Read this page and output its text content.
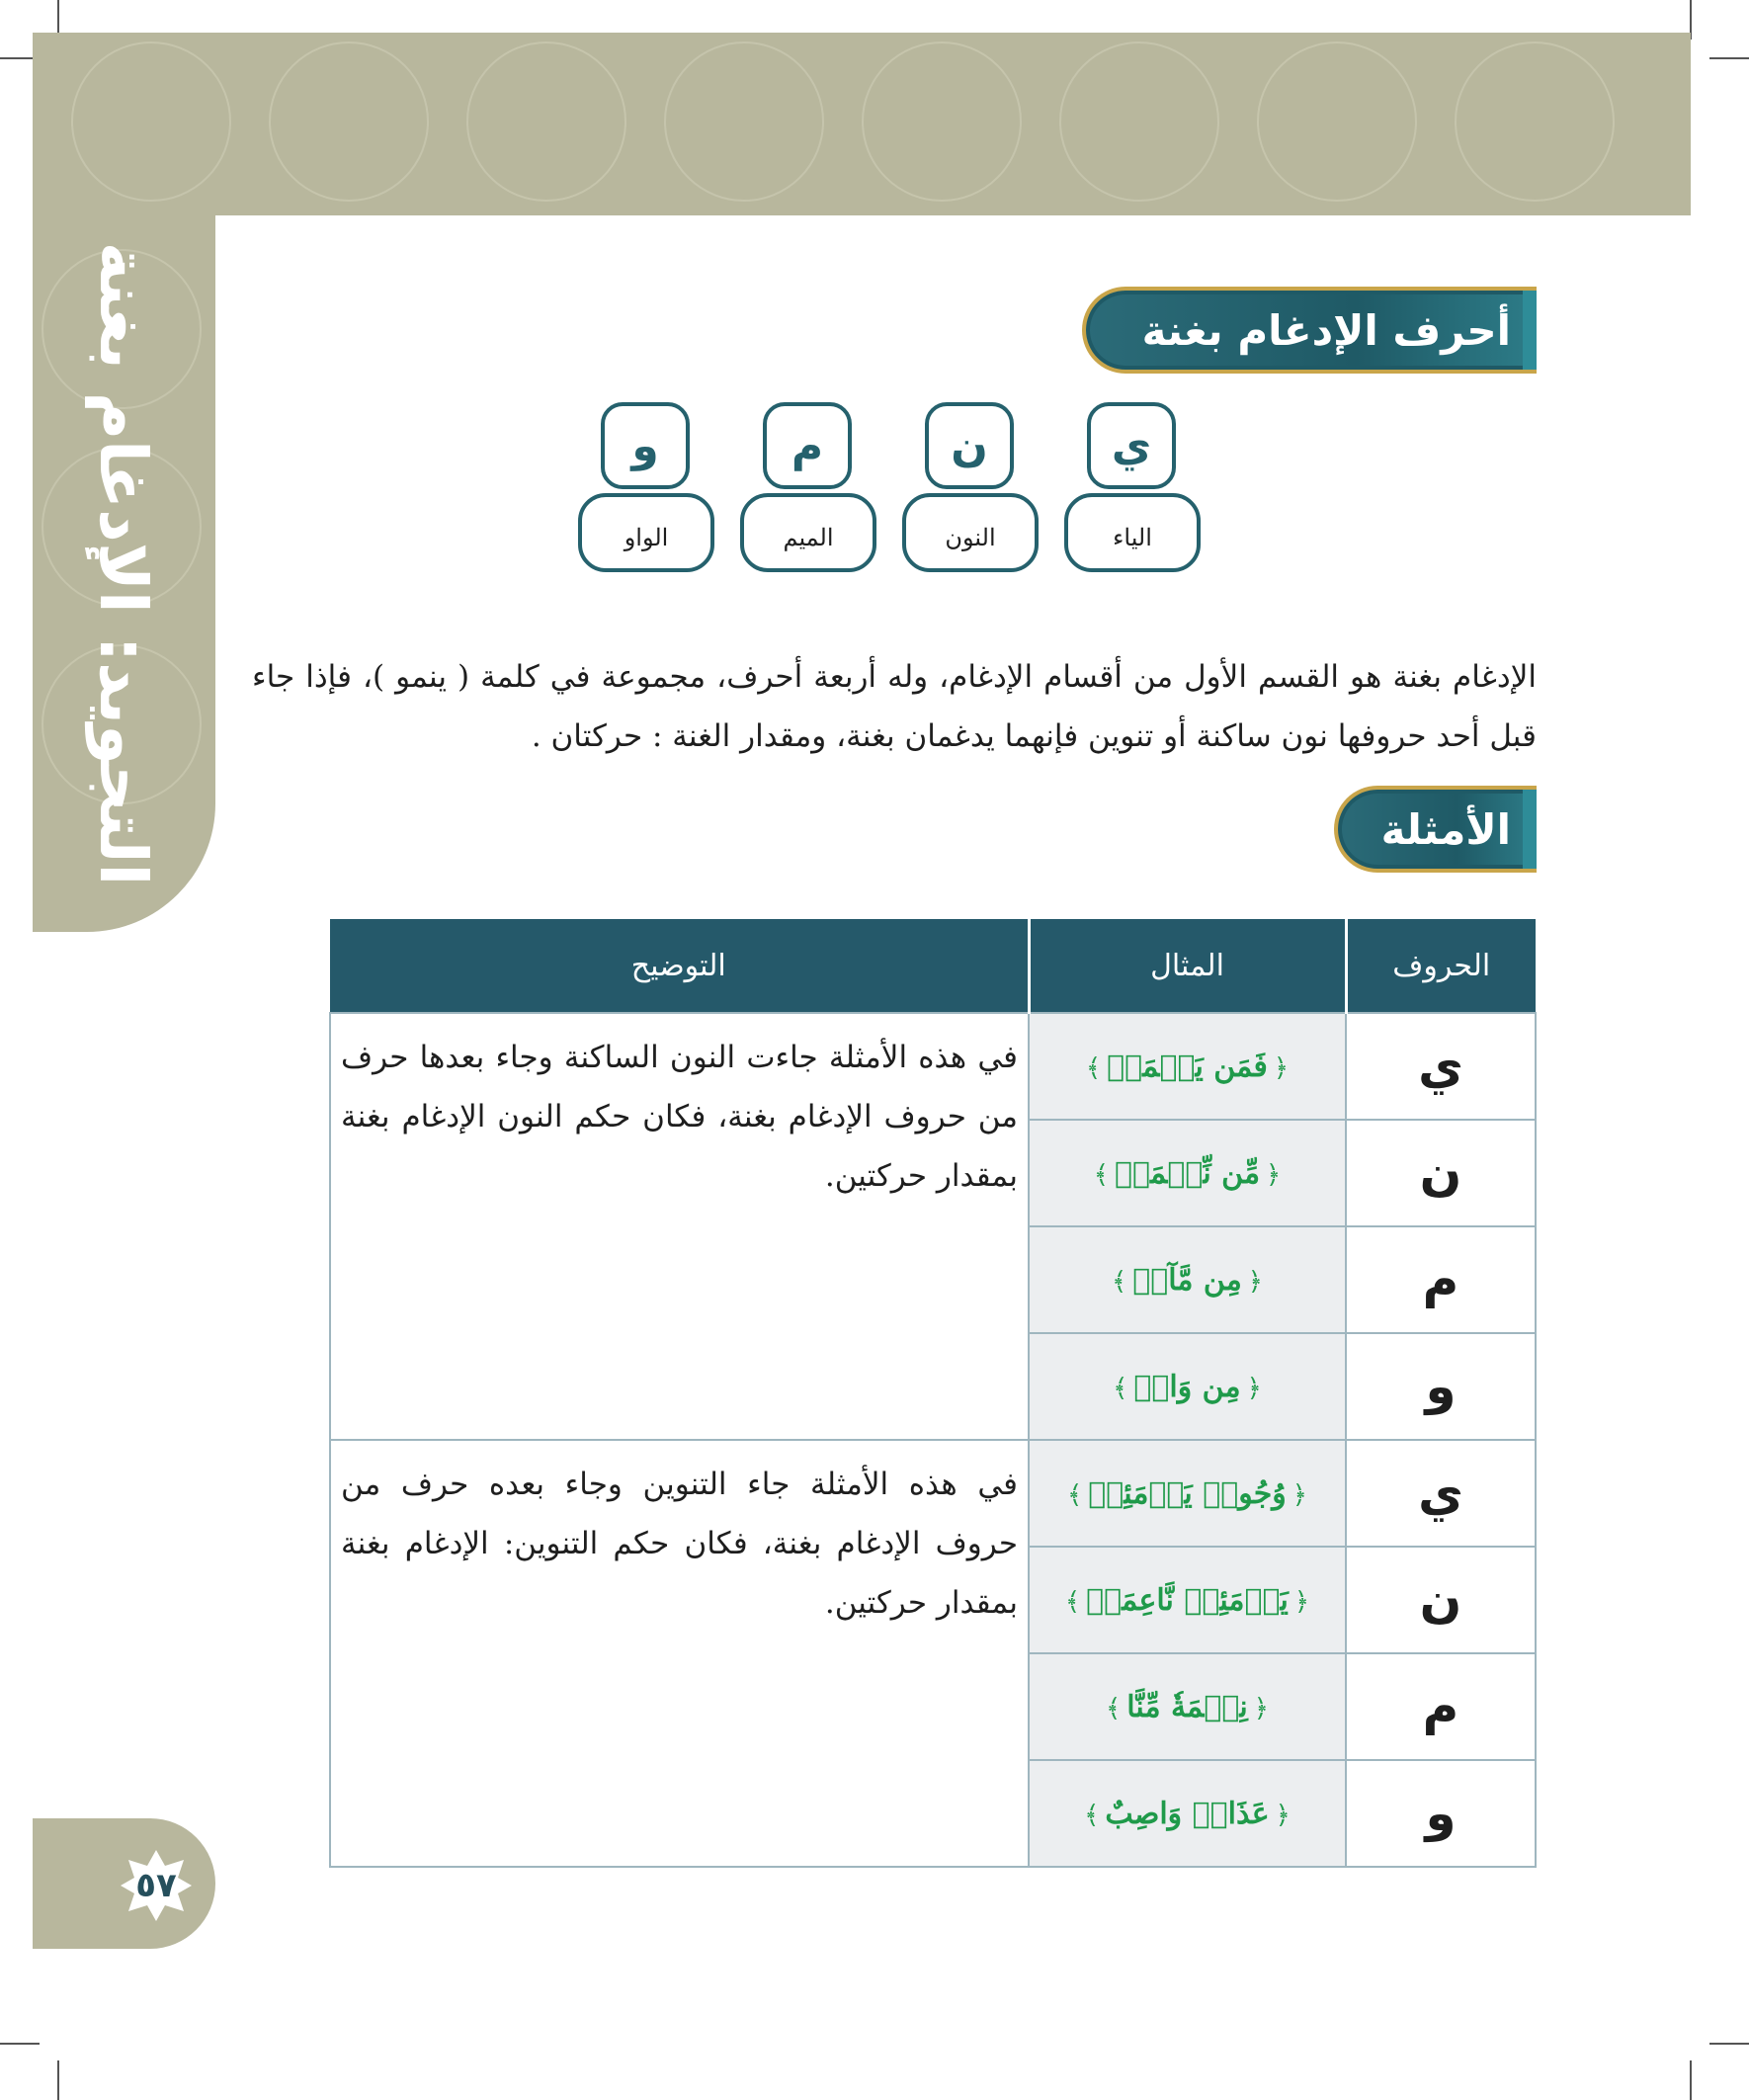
التجويد: الإدغام بغنة
٥٧
أحرف الإدغام بغنة
و
الواو
م
الميم
ن
النون
ي
الياء

الإدغام بغنة هو القسم الأول من أقسام الإدغام، وله أربعة أحرف، مجموعة في كلمة ( ينمو )، فإذا جاء قبل أحد حروفها نون ساكنة أو تنوين فإنهما يدغمان بغنة، ومقدار الغنة : حركتان .

الأمثلة
الحروف	المثال	التوضيح
ي	﴿فَمَن يَعۡمَلۡ﴾	في هذه الأمثلة جاءت النون الساكنة وجاء بعدها حرف من حروف الإدغام بغنة، فكان حكم النون الإدغام بغنة بمقدار حركتين.
ن	﴿مِّن نِّعۡمَةٖ﴾	
م	﴿مِن مَّآءٖ﴾	
و	﴿مِن وَاقٖ﴾	
ي	﴿وُجُوهٞ يَوۡمَئِذٖ﴾	في هذه الأمثلة جاء التنوين وجاء بعده حرف من حروف الإدغام بغنة، فكان حكم التنوين: الإدغام بغنة بمقدار حركتين.
ن	﴿يَوۡمَئِذٖ نَّاعِمَةٞ﴾	
م	﴿نِعۡمَةٗ مِّنَّا﴾	
و	﴿عَذَابٞ وَاصِبٌ﴾	
